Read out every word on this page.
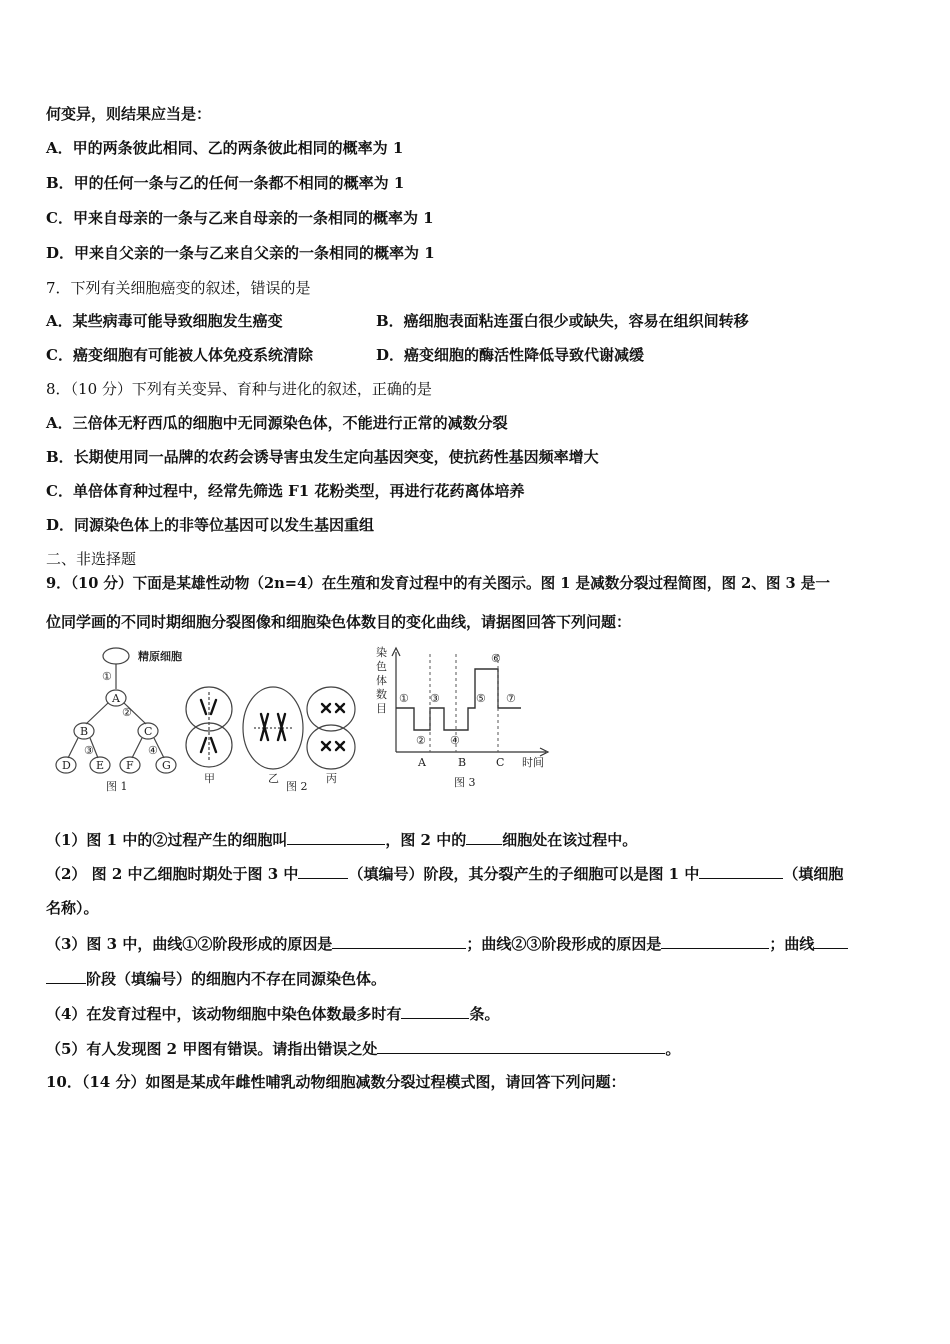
何变异，则结果应当是：
A．甲的两条彼此相同、乙的两条彼此相同的概率为 1
B．甲的任何一条与乙的任何一条都不相同的概率为 1
C．甲来自母亲的一条与乙来自母亲的一条相同的概率为 1
D．甲来自父亲的一条与乙来自父亲的一条相同的概率为 1
7．下列有关细胞癌变的叙述，错误的是
A．某些病毒可能导致细胞发生癌变	B．癌细胞表面粘连蛋白很少或缺失，容易在组织间转移
C．癌变细胞有可能被人体免疫系统清除	D．癌变细胞的酶活性降低导致代谢减缓
8．（10 分）下列有关变异、育种与进化的叙述，正确的是
A．三倍体无籽西瓜的细胞中无同源染色体，不能进行正常的减数分裂
B．长期使用同一品牌的农药会诱导害虫发生定向基因突变，使抗药性基因频率增大
C．单倍体育种过程中，经常先筛选 F1 花粉类型，再进行花药离体培养
D．同源染色体上的非等位基因可以发生基因重组
二、非选择题
9．（10 分）下面是某雄性动物（2n=4）在生殖和发育过程中的有关图示。图 1 是减数分裂过程简图，图 2、图 3 是一
位同学画的不同时期细胞分裂图像和细胞染色体数目的变化曲线，请据图回答下列问题：
精原细胞
①
②
③	④
A
B	C
D E F	G
图 1
甲	乙	丙
图 2
染
色
体
数
目
①
②
③
④
⑤
⑥
⑦
A	B	C 时间
图 3
（1）图 1 中的②过程产生的细胞叫	，图 2 中的 细胞处在该过程中。
（2） 图 2 中乙细胞时期处于图 3 中	（填编号）阶段，其分裂产生的子细胞可以是图 1 中	（填细胞
名称）。
（3）图 3 中，曲线①②阶段形成的原因是	；曲线②③阶段形成的原因是	；曲线
阶段（填编号）的细胞内不存在同源染色体。
（4）在发育过程中，该动物细胞中染色体数最多时有	条。
（5）有人发现图 2 甲图有错误。请指出错误之处	。
10．（14 分）如图是某成年雌性哺乳动物细胞减数分裂过程模式图，请回答下列问题：
